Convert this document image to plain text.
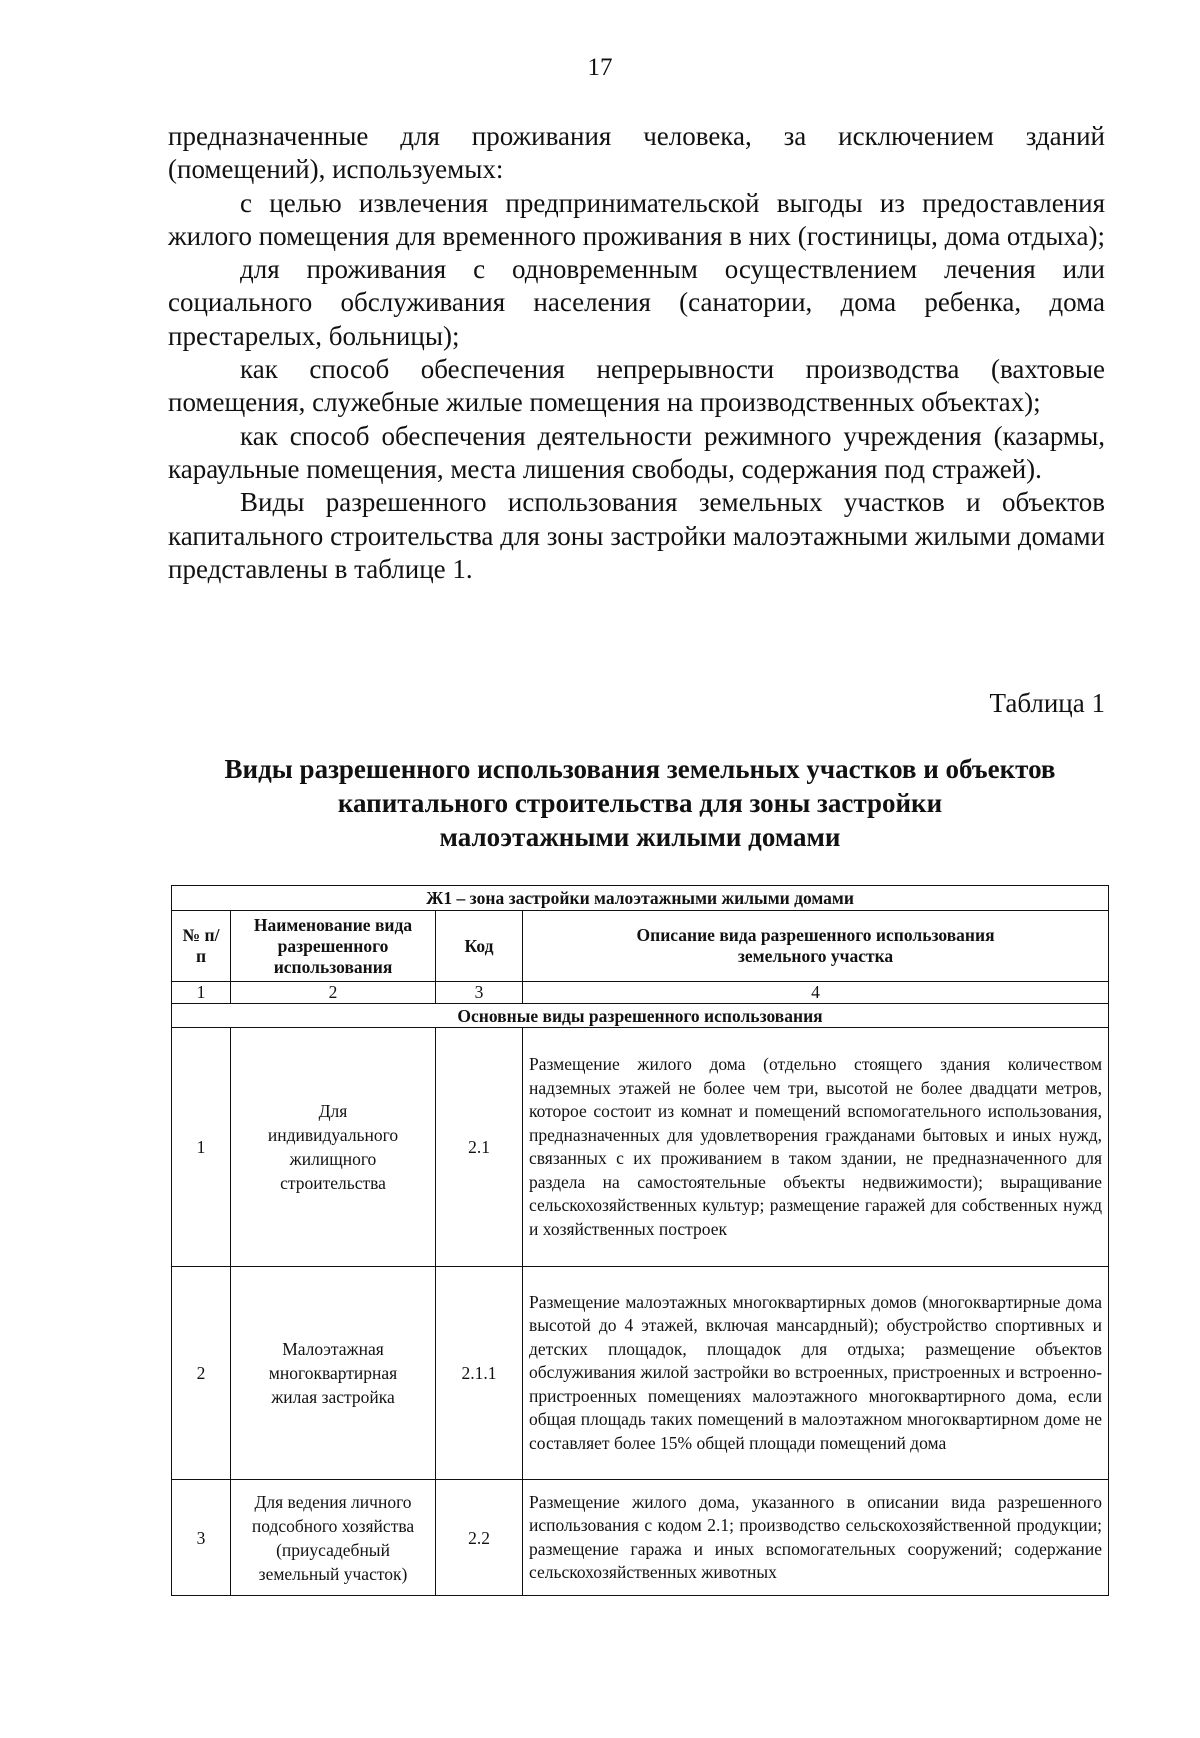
17

предназначенные для проживания человека, за исключением зданий (помещений), используемых:

с целью извлечения предпринимательской выгоды из предоставления жилого помещения для временного проживания в них (гостиницы, дома отдыха);

для проживания с одновременным осуществлением лечения или социального обслуживания населения (санатории, дома ребенка, дома престарелых, больницы);

как способ обеспечения непрерывности производства (вахтовые помещения, служебные жилые помещения на производственных объектах);

как способ обеспечения деятельности режимного учреждения (казармы, караульные помещения, места лишения свободы, содержания под стражей).

Виды разрешенного использования земельных участков и объектов капитального строительства для зоны застройки малоэтажными жилыми домами представлены в таблице 1.

Таблица 1
Виды разрешенного использования земельных участков и объектов
капитального строительства для зоны застройки
малоэтажными жилыми домами
Ж1 – зона застройки малоэтажными жилыми домами			
№ п/п	Наименование вида разрешенного использования	Код	Описание вида разрешенного использования земельного участка
1	2	3	4
Основные виды разрешенного использования			
1	Для индивидуального жилищного строительства	2.1	Размещение жилого дома (отдельно стоящего здания количеством надземных этажей не более чем три, высотой не более двадцати метров, которое состоит из комнат и помещений вспомогательного использования, предназначенных для удовлетворения гражданами бытовых и иных нужд, связанных с их проживанием в таком здании, не предназначенного для раздела на самостоятельные объекты недвижимости); выращивание сельскохозяйственных культур; размещение гаражей для собственных нужд и хозяйственных построек
2	Малоэтажная многоквартирная жилая застройка	2.1.1	Размещение малоэтажных многоквартирных домов (многоквартирные дома высотой до 4 этажей, включая мансардный); обустройство спортивных и детских площадок, площадок для отдыха; размещение объектов обслуживания жилой застройки во встроенных, пристроенных и встроенно-пристроенных помещениях малоэтажного многоквартирного дома, если общая площадь таких помещений в малоэтажном многоквартирном доме не составляет более 15% общей площади помещений дома
3	Для ведения личного подсобного хозяйства (приусадебный земельный участок)	2.2	Размещение жилого дома, указанного в описании вида разрешенного использования с кодом 2.1; производство сельскохозяйственной продукции; размещение гаража и иных вспомогательных сооружений; содержание сельскохозяйственных животных
